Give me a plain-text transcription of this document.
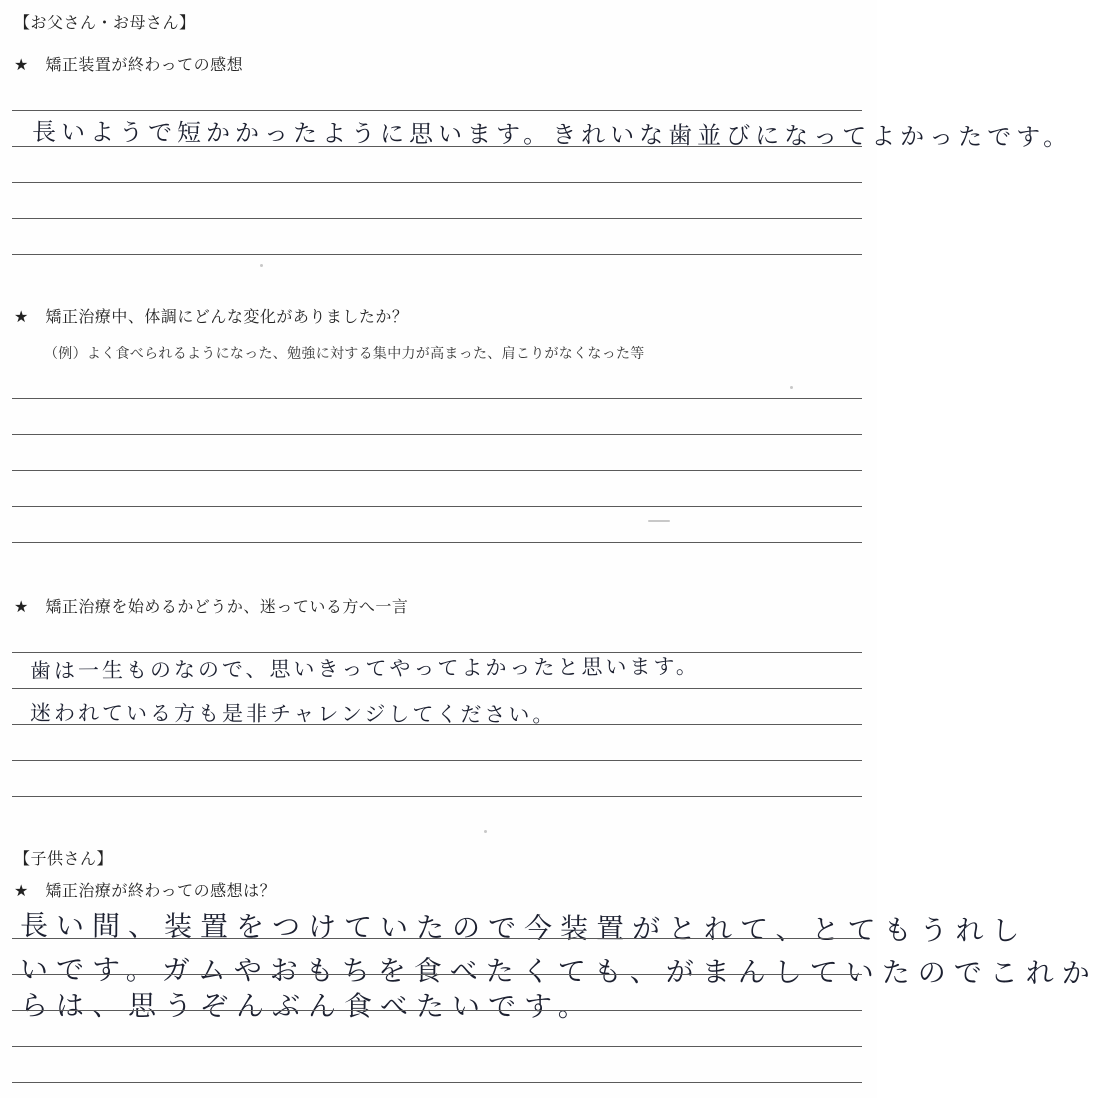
【お父さん・お母さん】
★　矯正装置が終わっての感想
長いようで短かかったように思います。きれいな歯並びになってよかったです。
★　矯正治療中、体調にどんな変化がありましたか？
（例）よく食べられるようになった、勉強に対する集中力が高まった、肩こりがなくなった等
★　矯正治療を始めるかどうか、迷っている方へ一言
歯は一生ものなので、思いきってやってよかったと思います。
迷われている方も是非チャレンジしてください。
【子供さん】
★　矯正治療が終わっての感想は？
長い間、装置をつけていたので今装置がとれて、とてもうれし
いです。ガムやおもちを食べたくても、がまんしていたのでこれか
らは、思うぞんぶん食べたいです。
